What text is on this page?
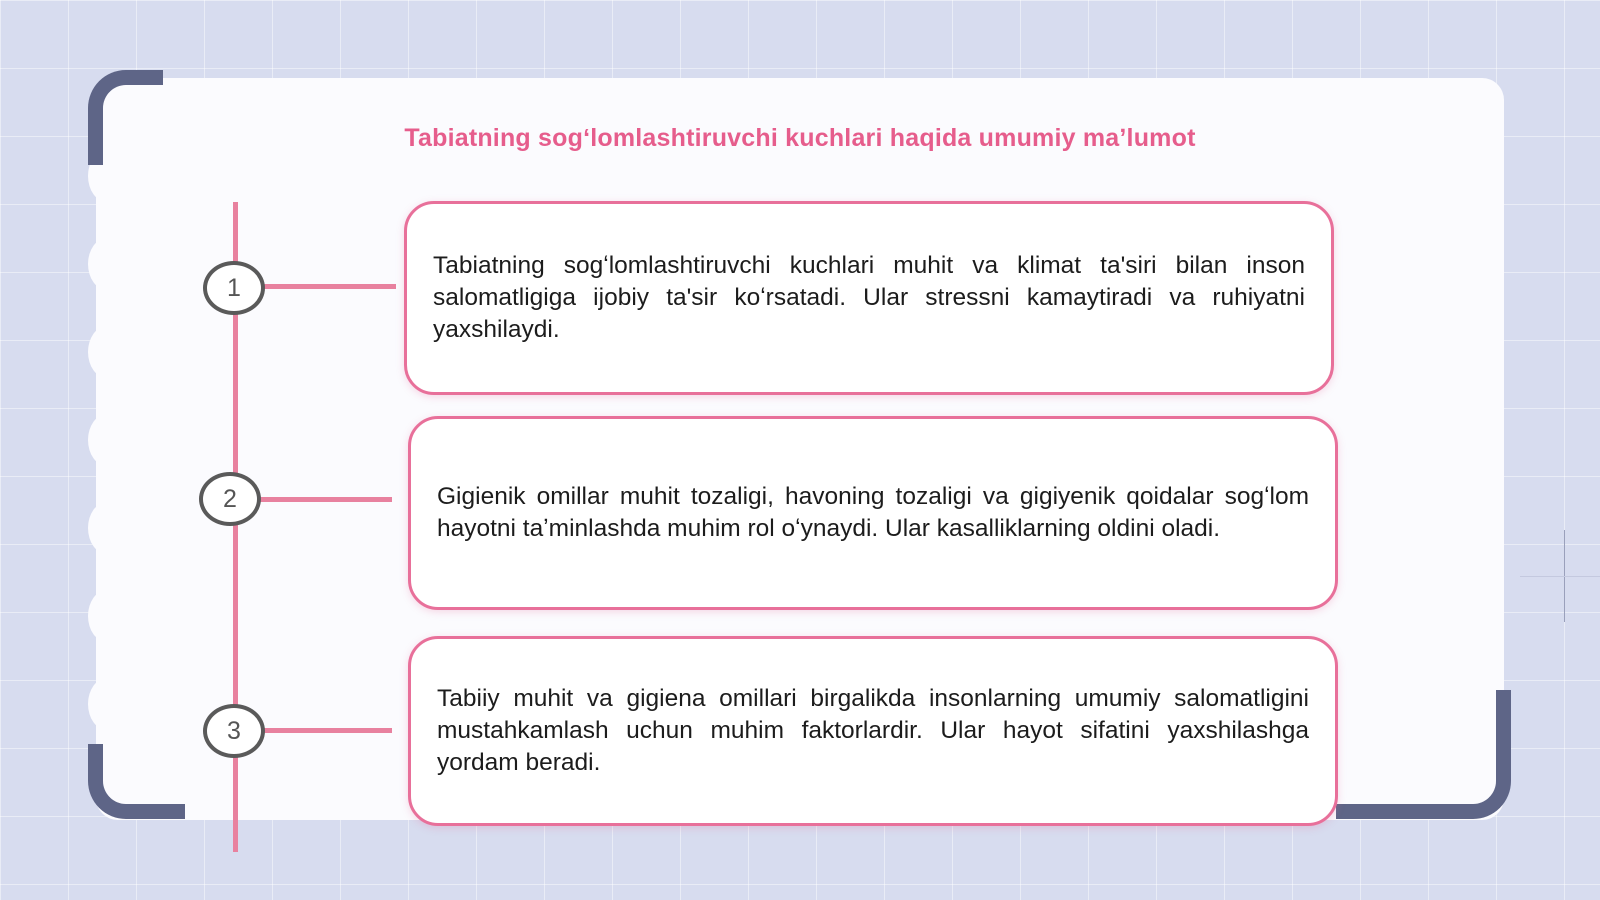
Tabiatning sogʻlomlashtiruvchi kuchlari haqida umumiy maʼlumot
1
Tabiatning sogʻlomlashtiruvchi kuchlari muhit va klimat ta'siri bilan inson salomatligiga ijobiy ta'sir koʻrsatadi. Ular stressni kamaytiradi va ruhiyatni yaxshilaydi.
2	Gigienik omillar muhit tozaligi, havoning tozaligi va gigiyenik qoidalar sogʻlom hayotni taʼminlashda muhim rol oʻynaydi. Ular kasalliklarning oldini oladi.
3
Tabiiy muhit va gigiena omillari birgalikda insonlarning umumiy salomatligini mustahkamlash uchun muhim faktorlardir. Ular hayot sifatini yaxshilashga yordam beradi.
